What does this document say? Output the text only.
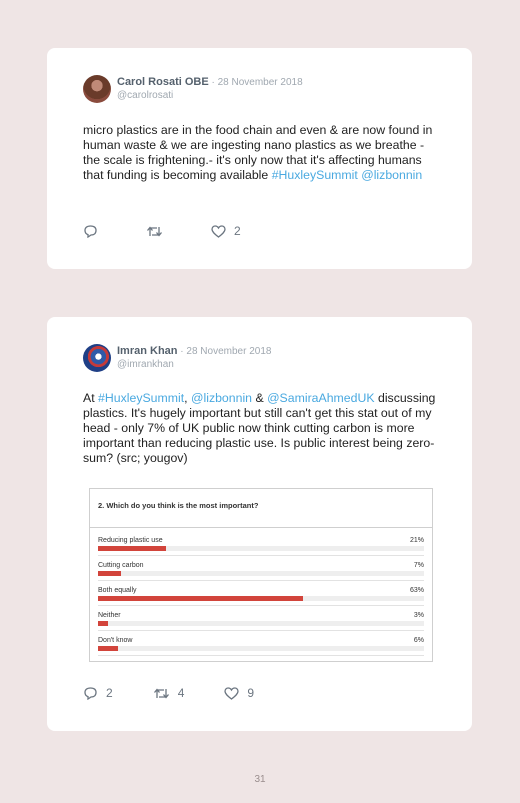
Carol Rosati OBE · 28 November 2018
@carolrosati
micro plastics are in the food chain and even & are now found in human waste & we are ingesting nano plastics as we breathe - the scale is frightening.- it's only now that it's affecting humans that funding is becoming available #HuxleySummit @lizbonnin
2
Imran Khan · 28 November 2018
@imrankhan
At #HuxleySummit, @lizbonnin & @SamiraAhmedUK discussing plastics. It's hugely important but still can't get this stat out of my head - only 7% of UK public now think cutting carbon is more important than reducing plastic use. Is public interest being zero-sum? (src; yougov)
2. Which do you think is the most important?
Reducing plastic use	21%
Cutting carbon	7%
Both equally	63%
Neither	3%
Don't know	6%
2	4	9
31
